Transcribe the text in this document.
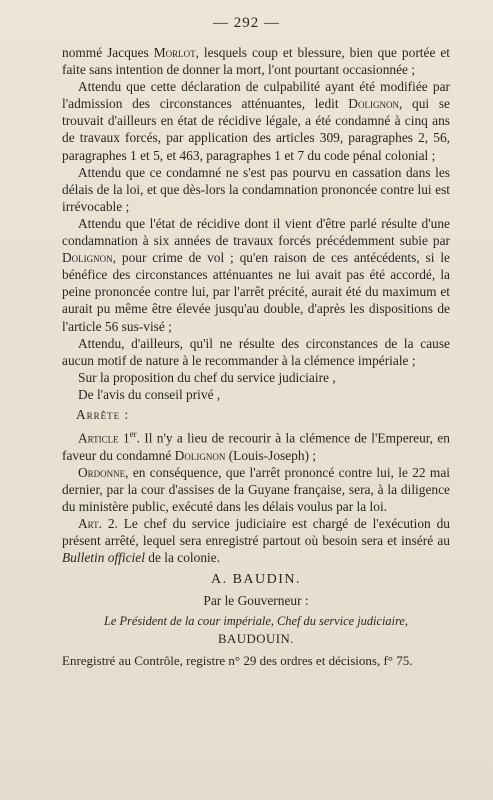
— 292 —

nommé Jacques Morlot, lesquels coup et blessure, bien que portée et faite sans intention de donner la mort, l'ont pourtant occasionnée ;

Attendu que cette déclaration de culpabilité ayant été modifiée par l'admission des circonstances atténuantes, ledit Dolignon, qui se trouvait d'ailleurs en état de récidive légale, a été condamné à cinq ans de travaux forcés, par application des articles 309, paragraphes 2, 56, paragraphes 1 et 5, et 463, paragraphes 1 et 7 du code pénal colonial ;

Attendu que ce condamné ne s'est pas pourvu en cassation dans les délais de la loi, et que dès-lors la condamnation prononcée contre lui est irrévocable ;

Attendu que l'état de récidive dont il vient d'être parlé résulte d'une condamnation à six années de travaux forcés précédemment subie par Dolignon, pour crime de vol ; qu'en raison de ces antécédents, si le bénéfice des circonstances atténuantes ne lui avait pas été accordé, la peine prononcée contre lui, par l'arrêt précité, aurait été du maximum et aurait pu même être élevée jusqu'au double, d'après les dispositions de l'article 56 sus-visé ;

Attendu, d'ailleurs, qu'il ne résulte des circonstances de la cause aucun motif de nature à le recommander à la clémence impériale ;

Sur la proposition du chef du service judiciaire ,

De l'avis du conseil privé ,

Arrête :

Article 1er. Il n'y a lieu de recourir à la clémence de l'Empereur, en faveur du condamné Dolignon (Louis-Joseph) ;

Ordonne, en conséquence, que l'arrêt prononcé contre lui, le 22 mai dernier, par la cour d'assises de la Guyane française, sera, à la diligence du ministère public, exécuté dans les délais voulus par la loi.

Art. 2. Le chef du service judiciaire est chargé de l'exécution du présent arrêté, lequel sera enregistré partout où besoin sera et inséré au Bulletin officiel de la colonie.

A. BAUDIN.

Par le Gouverneur :

Le Président de la cour impériale, Chef du service judiciaire,

BAUDOUIN.

Enregistré au Contrôle, registre n° 29 des ordres et décisions, f° 75.
